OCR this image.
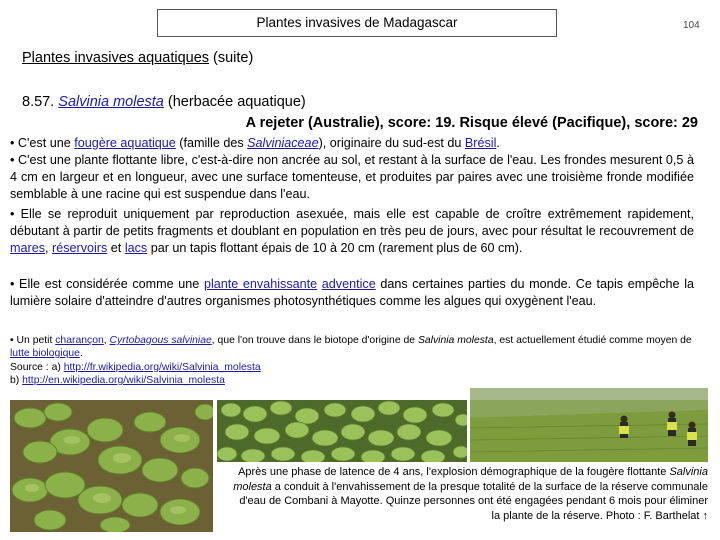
Plantes invasives de Madagascar	104
Plantes invasives aquatiques (suite)
8.57. Salvinia molesta (herbacée aquatique)
A rejeter (Australie), score: 19. Risque élevé (Pacifique), score: 29
• C'est une fougère aquatique (famille des Salviniaceae), originaire du sud-est du Brésil.
• C'est une plante flottante libre, c'est-à-dire non ancrée au sol, et restant à la surface de l'eau. Les frondes mesurent 0,5 à 4 cm en largeur et en longueur, avec une surface tomenteuse, et produites par paires avec une troisième fronde modifiée semblable à une racine qui est suspendue dans l'eau.
• Elle se reproduit uniquement par reproduction asexuée, mais elle est capable de croître extrêmement rapidement, débutant à partir de petits fragments et doublant en population en très peu de jours, avec pour résultat le recouvrement de mares, réservoirs et lacs par un tapis flottant épais de 10 à 20 cm (rarement plus de 60 cm).
• Elle est considérée comme une plante envahissante adventice dans certaines parties du monde. Ce tapis empêche la lumière solaire d'atteindre d'autres organismes photosynthétiques comme les algues qui oxygènent l'eau.
• Un petit charançon, Cyrtobagous salviniae, que l'on trouve dans le biotope d'origine de Salvinia molesta, est actuellement étudié comme moyen de lutte biologique.
Source : a) http://fr.wikipedia.org/wiki/Salvinia_molesta
b) http://en.wikipedia.org/wiki/Salvinia_molesta
Après une phase de latence de 4 ans, l'explosion démographique de la fougère flottante Salvinia molesta a conduit à l'envahissement de la presque totalité de la surface de la réserve communale d'eau de Combani à Mayotte. Quinze personnes ont été engagées pendant 6 mois pour éliminer la plante de la réserve. Photo : F. Barthelat ↑
